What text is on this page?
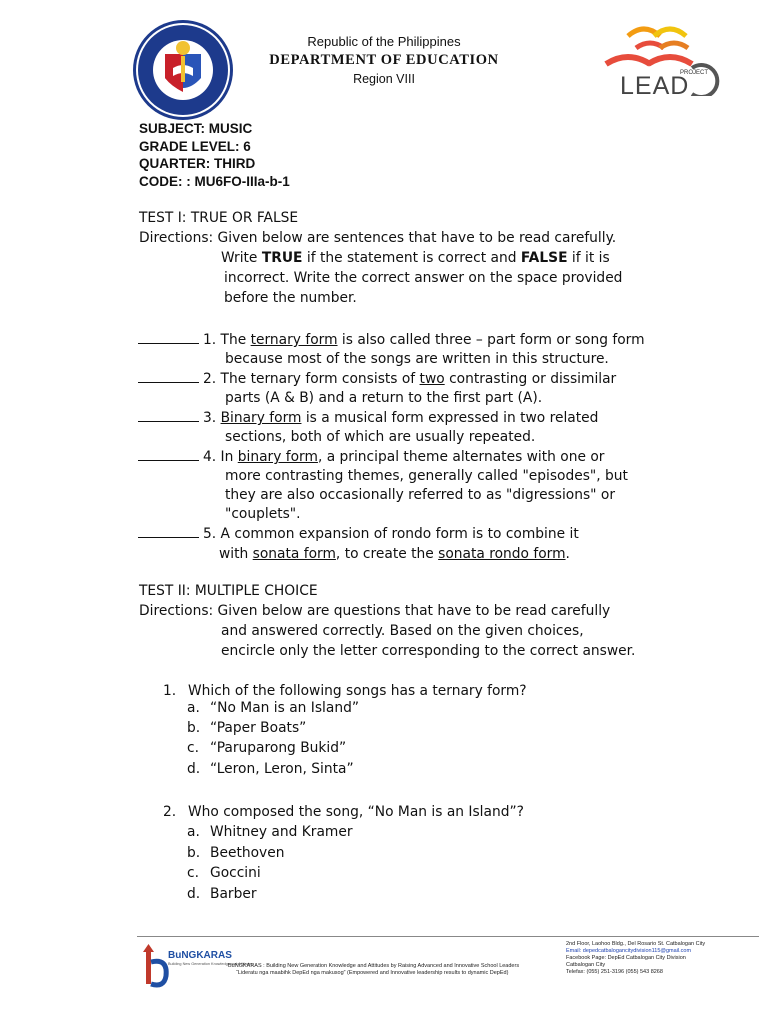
Republic of the Philippines
DEPARTMENT OF EDUCATION
Region VIII	PROJECT
LEAD
SUBJECT: MUSIC
GRADE LEVEL: 6
QUARTER: THIRD
CODE: : MU6FO-IIIa-b-1
TEST I: TRUE OR FALSE
Directions: Given below are sentences that have to be read carefully.
Write TRUE if the statement is correct and FALSE if it is
incorrect. Write the correct answer on the space provided
before the number.
1. The ternary form is also called three – part form or song form
because most of the songs are written in this structure.
2. The ternary form consists of two contrasting or dissimilar
parts (A & B) and a return to the first part (A).
3. Binary form is a musical form expressed in two related
sections, both of which are usually repeated.
4. In binary form, a principal theme alternates with one or
more contrasting themes, generally called "episodes", but
they are also occasionally referred to as "digressions" or
"couplets".
5. A common expansion of rondo form is to combine it
with sonata form, to create the sonata rondo form.
TEST II: MULTIPLE CHOICE
Directions: Given below are questions that have to be read carefully
and answered correctly. Based on the given choices,
encircle only the letter corresponding to the correct answer.
1. Which of the following songs has a ternary form?
a. “No Man is an Island”
b. “Paper Boats”
c. “Paruparong Bukid”
d. “Leron, Leron, Sinta”
2. Who composed the song, “No Man is an Island”?
a. Whitney and Kramer
b. Beethoven
c. Goccini
d. Barber
BuNGKARAS
Building New Generation Knowledge and Attitudes
BuNGKARAS : Building New Generation Knowledge and Attitudes by Raising Advanced and Innovative School Leaders
“Lideratu nga maabihk DepEd nga makusog” (Empowered and Innovative leadership results to dynamic DepEd)
2nd Floor, Laohoo Bldg., Del Rosario St. Catbalogan City
Email: depedcatbalogancitydivision115@gmail.com
Facebook Page: DepEd Catbalogan City Division
Catbalogan City
Telefax: (055) 251-3196 (055) 543 8268
